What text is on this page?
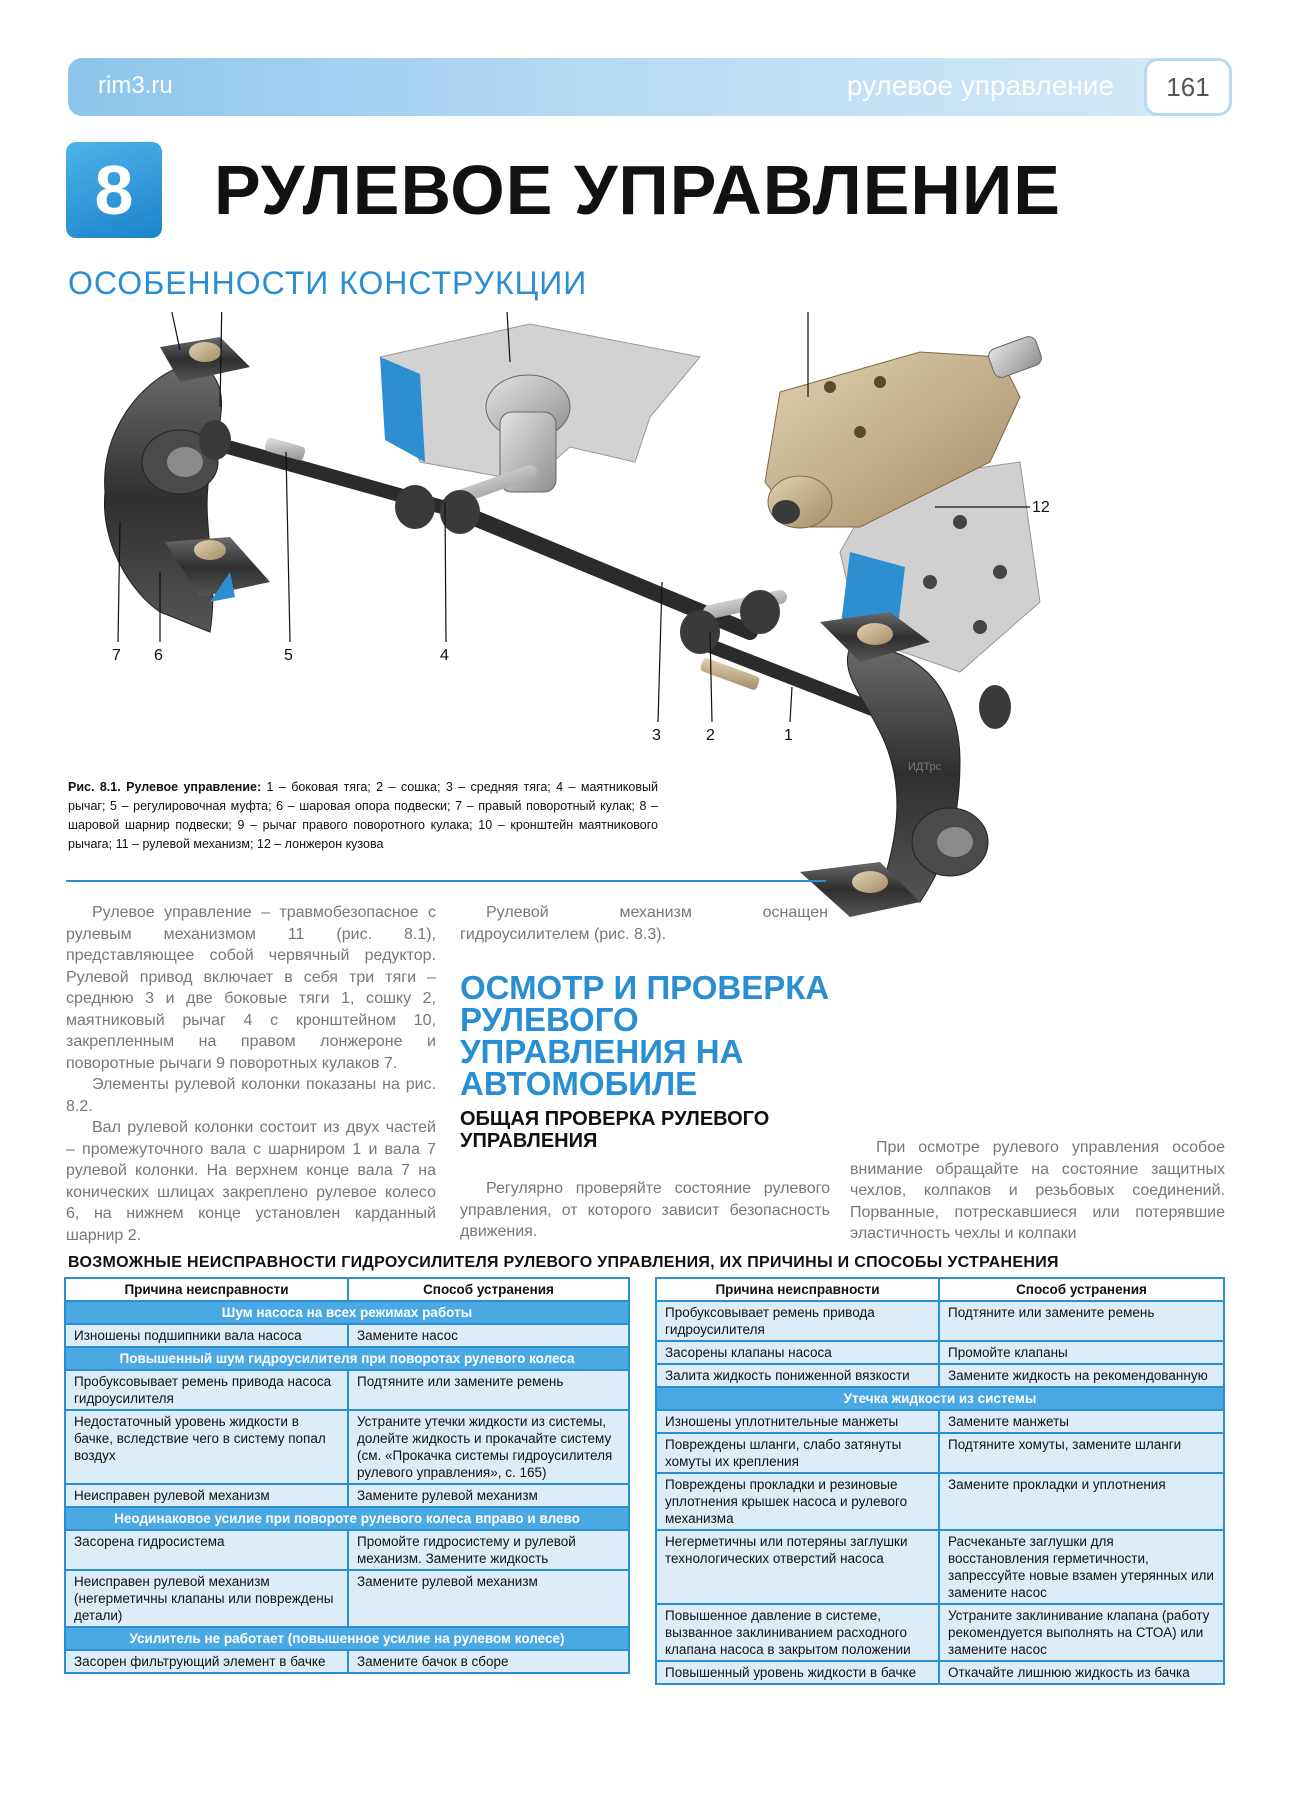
rim3.ru	рулевое управление	161
8	РУЛЕВОЕ УПРАВЛЕНИЕ
ОСОБЕННОСТИ КОНСТРУКЦИИ
ИДТрс
12
7 6	5	4
3	2	1
Рис. 8.1. Рулевое управление: 1 – боковая тяга; 2 – сошка; 3 – средняя тяга; 4 – маятниковый рычаг; 5 – регулировочная муфта; 6 – шаровая опора подвески; 7 – правый поворотный кулак; 8 – шаровой шарнир подвески; 9 – рычаг правого поворотного кулака; 10 – кронштейн маятникового рычага; 11 – рулевой механизм; 12 – лонжерон кузова

Рулевое управление – травмобезопасное с рулевым механизмом 11 (рис. 8.1), представляющее собой червячный редуктор. Рулевой привод включает в себя три тяги – среднюю 3 и две боковые тяги 1, сошку 2, маятниковый рычаг 4 с кронштейном 10, закрепленным на правом лонжероне и поворотные рычаги 9 поворотных кулаков 7.

Элементы рулевой колонки показаны на рис. 8.2.

Вал рулевой колонки состоит из двух частей – промежуточного вала с шарниром 1 и вала 7 рулевой колонки. На верхнем конце вала 7 на конических шлицах закреплено рулевое колесо 6, на нижнем конце установлен карданный шарнир 2.

Рулевой механизм оснащен гидроусилителем (рис. 8.3).

ОСМОТР И ПРОВЕРКА РУЛЕВОГО УПРАВЛЕНИЯ НА АВТОМОБИЛЕ
ОБЩАЯ ПРОВЕРКА РУЛЕВОГО УПРАВЛЕНИЯ

Регулярно проверяйте состояние рулевого управления, от которого зависит безопасность движения.

При осмотре рулевого управления особое внимание обращайте на состояние защитных чехлов, колпаков и резьбовых соединений. Порванные, потрескавшиеся или потерявшие эластичность чехлы и колпаки

ВОЗМОЖНЫЕ НЕИСПРАВНОСТИ ГИДРОУСИЛИТЕЛЯ РУЛЕВОГО УПРАВЛЕНИЯ, ИХ ПРИЧИНЫ И СПОСОБЫ УСТРАНЕНИЯ
Причина неисправности	Способ устранения
Шум насоса на всех режимах работы	
Изношены подшипники вала насоса	Замените насос
Повышенный шум гидроусилителя при поворотах рулевого колеса	
Пробуксовывает ремень привода насоса гидроусилителя	Подтяните или замените ремень
Недостаточный уровень жидкости в бачке, вследствие чего в систему попал воздух	Устраните утечки жидкости из системы, долейте жидкость и прокачайте систему (см. «Прокачка системы гидроусилителя рулевого управления», с. 165)
Неисправен рулевой механизм	Замените рулевой механизм
Неодинаковое усилие при повороте рулевого колеса вправо и влево	
Засорена гидросистема	Промойте гидросистему и рулевой механизм. Замените жидкость
Неисправен рулевой механизм (негерметичны клапаны или повреждены детали)	Замените рулевой механизм
Усилитель не работает (повышенное усилие на рулевом колесе)	
Засорен фильтрующий элемент в бачке	Замените бачок в сборе
Причина неисправности	Способ устранения
Пробуксовывает ремень привода гидроусилителя	Подтяните или замените ремень
Засорены клапаны насоса	Промойте клапаны
Залита жидкость пониженной вязкости	Замените жидкость на рекомендованную
Утечка жидкости из системы	
Изношены уплотнительные манжеты	Замените манжеты
Повреждены шланги, слабо затянуты хомуты их крепления	Подтяните хомуты, замените шланги
Повреждены прокладки и резиновые уплотнения крышек насоса и рулевого механизма	Замените прокладки и уплотнения
Негерметичны или потеряны заглушки технологических отверстий насоса	Расчеканьте заглушки для восстановления герметичности, запрессуйте новые взамен утерянных или замените насос
Повышенное давление в системе, вызванное заклиниванием расходного клапана насоса в закрытом положении	Устраните заклинивание клапана (работу рекомендуется выполнять на СТОА) или замените насос
Повышенный уровень жидкости в бачке	Откачайте лишнюю жидкость из бачка
